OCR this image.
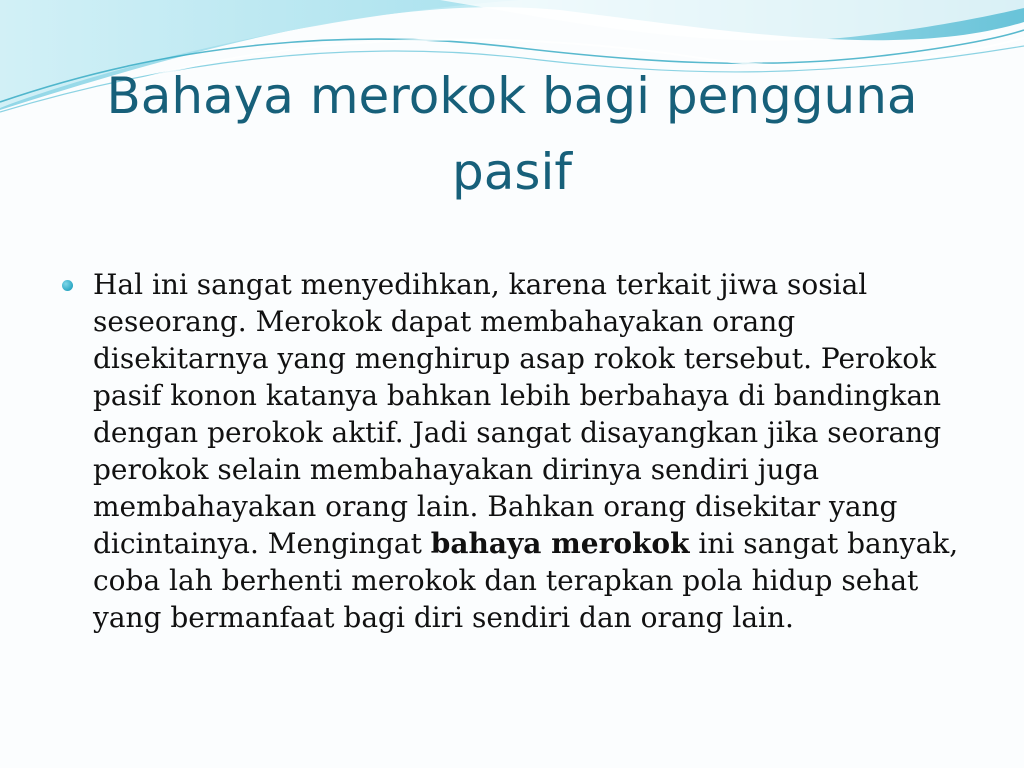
Bahaya merokok bagi pengguna
pasif

Hal ini sangat menyedihkan, karena terkait jiwa sosial seseorang. Merokok dapat membahayakan orang disekitarnya yang menghirup asap rokok tersebut. Perokok pasif konon katanya bahkan lebih berbahaya di bandingkan dengan perokok aktif. Jadi sangat disayangkan jika seorang perokok selain membahayakan dirinya sendiri juga membahayakan orang lain. Bahkan orang disekitar yang dicintainya. Mengingat bahaya merokok ini sangat banyak, coba lah berhenti merokok dan terapkan pola hidup sehat yang bermanfaat bagi diri sendiri dan orang lain.
